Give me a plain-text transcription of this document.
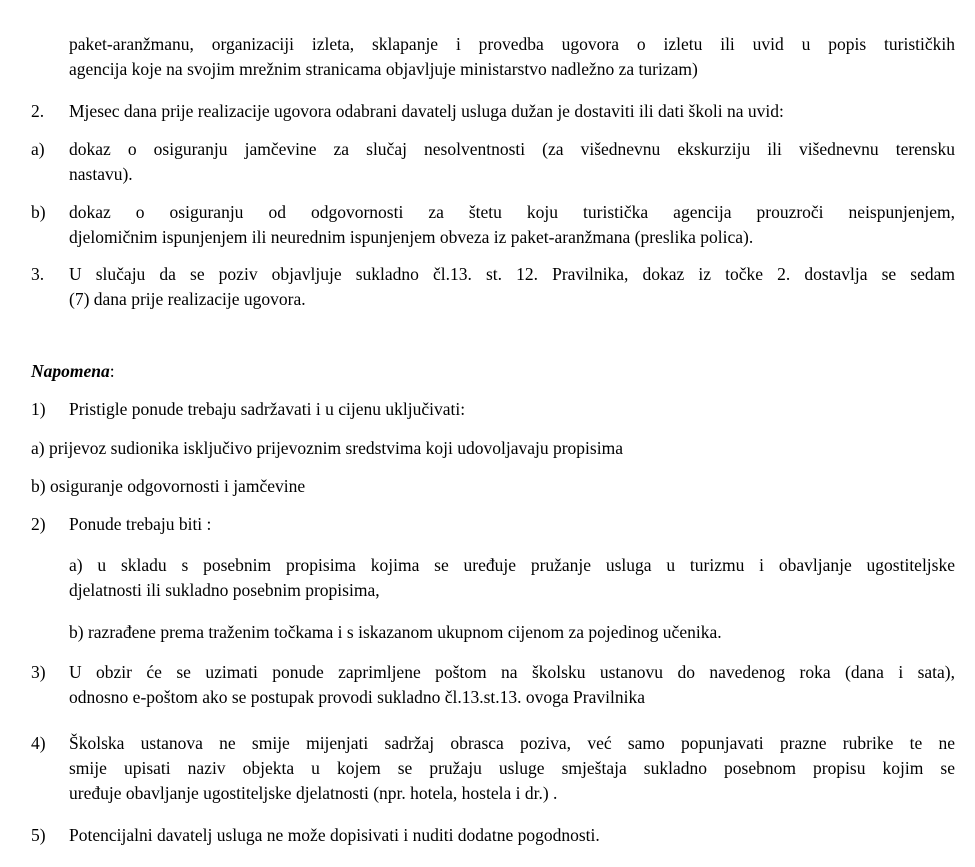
paket-aranžmanu, organizaciji izleta, sklapanje i provedba ugovora o izletu ili uvid u popis turističkih
agencija koje na svojim mrežnim stranicama objavljuje ministarstvo nadležno za turizam)
2. Mjesec dana prije realizacije ugovora odabrani davatelj usluga dužan je dostaviti ili dati školi na uvid:
a) dokaz o osiguranju jamčevine za slučaj nesolventnosti (za višednevnu ekskurziju ili višednevnu terensku
nastavu).
b) dokaz o osiguranju od odgovornosti za štetu koju turistička agencija prouzroči neispunjenjem,
djelomičnim ispunjenjem ili neurednim ispunjenjem obveza iz paket-aranžmana (preslika polica).
3. U slučaju da se poziv objavljuje sukladno čl.13. st. 12. Pravilnika, dokaz iz točke 2. dostavlja se sedam
(7) dana prije realizacije ugovora.
Napomena:
1) Pristigle ponude trebaju sadržavati i u cijenu uključivati:
a) prijevoz sudionika isključivo prijevoznim sredstvima koji udovoljavaju propisima
b) osiguranje odgovornosti i jamčevine
2) Ponude trebaju biti :
a) u skladu s posebnim propisima kojima se uređuje pružanje usluga u turizmu i obavljanje ugostiteljske
djelatnosti ili sukladno posebnim propisima,
b) razrađene prema traženim točkama i s iskazanom ukupnom cijenom za pojedinog učenika.
3) U obzir će se uzimati ponude zaprimljene poštom na školsku ustanovu do navedenog roka (dana i sata),
odnosno e-poštom ako se postupak provodi sukladno čl.13.st.13. ovoga Pravilnika
4) Školska ustanova ne smije mijenjati sadržaj obrasca poziva, već samo popunjavati prazne rubrike te ne
smije upisati naziv objekta u kojem se pružaju usluge smještaja sukladno posebnom propisu kojim se
uređuje obavljanje ugostiteljske djelatnosti (npr. hotela, hostela i dr.) .
5) Potencijalni davatelj usluga ne može dopisivati i nuditi dodatne pogodnosti.
